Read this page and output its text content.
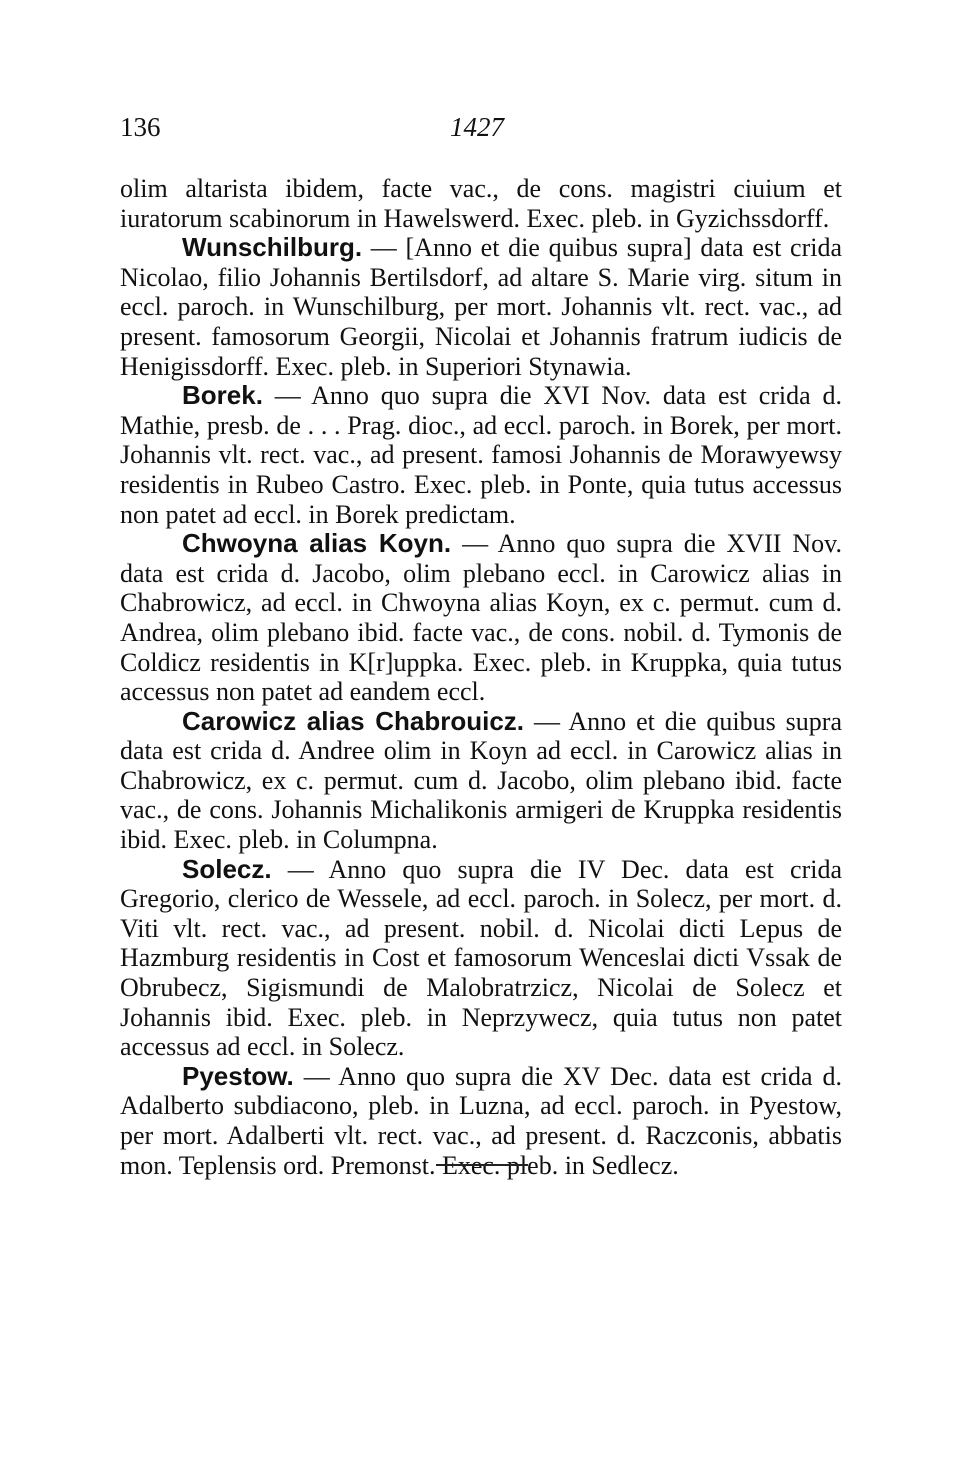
136	1427

olim altarista ibidem, facte vac., de cons. magistri ciuium et iuratorum scabinorum in Hawelswerd. Exec. pleb. in Gyzichssdorff.

Wunschilburg. — [Anno et die quibus supra] data est crida Nicolao, filio Johannis Bertilsdorf, ad altare S. Marie virg. situm in eccl. paroch. in Wunschilburg, per mort. Johannis vlt. rect. vac., ad present. famosorum Georgii, Nicolai et Johannis fratrum iudicis de Henigissdorff. Exec. pleb. in Superiori Stynawia.

Borek. — Anno quo supra die XVI Nov. data est crida d. Mathie, presb. de . . . Prag. dioc., ad eccl. paroch. in Borek, per mort. Johannis vlt. rect. vac., ad present. famosi Johannis de Morawyewsy residentis in Rubeo Castro. Exec. pleb. in Ponte, quia tutus accessus non patet ad eccl. in Borek predictam.

Chwoyna alias Koyn. — Anno quo supra die XVII Nov. data est crida d. Jacobo, olim plebano eccl. in Carowicz alias in Chabrowicz, ad eccl. in Chwoyna alias Koyn, ex c. permut. cum d. Andrea, olim plebano ibid. facte vac., de cons. nobil. d. Tymonis de Coldicz residentis in K[r]uppka. Exec. pleb. in Kruppka, quia tutus accessus non patet ad eandem eccl.

Carowicz alias Chabrouicz. — Anno et die quibus supra data est crida d. Andree olim in Koyn ad eccl. in Carowicz alias in Chabrowicz, ex c. permut. cum d. Jacobo, olim plebano ibid. facte vac., de cons. Johannis Michalikonis armigeri de Kruppka residentis ibid. Exec. pleb. in Columpna.

Solecz. — Anno quo supra die IV Dec. data est crida Gregorio, clerico de Wessele, ad eccl. paroch. in Solecz, per mort. d. Viti vlt. rect. vac., ad present. nobil. d. Nicolai dicti Lepus de Hazmburg residentis in Cost et famosorum Wenceslai dicti Vssak de Obrubecz, Sigismundi de Malobratrzicz, Nicolai de Solecz et Johannis ibid. Exec. pleb. in Neprzywecz, quia tutus non patet accessus ad eccl. in Solecz.

Pyestow. — Anno quo supra die XV Dec. data est crida d. Adalberto subdiacono, pleb. in Luzna, ad eccl. paroch. in Pyestow, per mort. Adalberti vlt. rect. vac., ad present. d. Raczconis, abbatis mon. Teplensis ord. Premonst. Exec. pleb. in Sedlecz.
